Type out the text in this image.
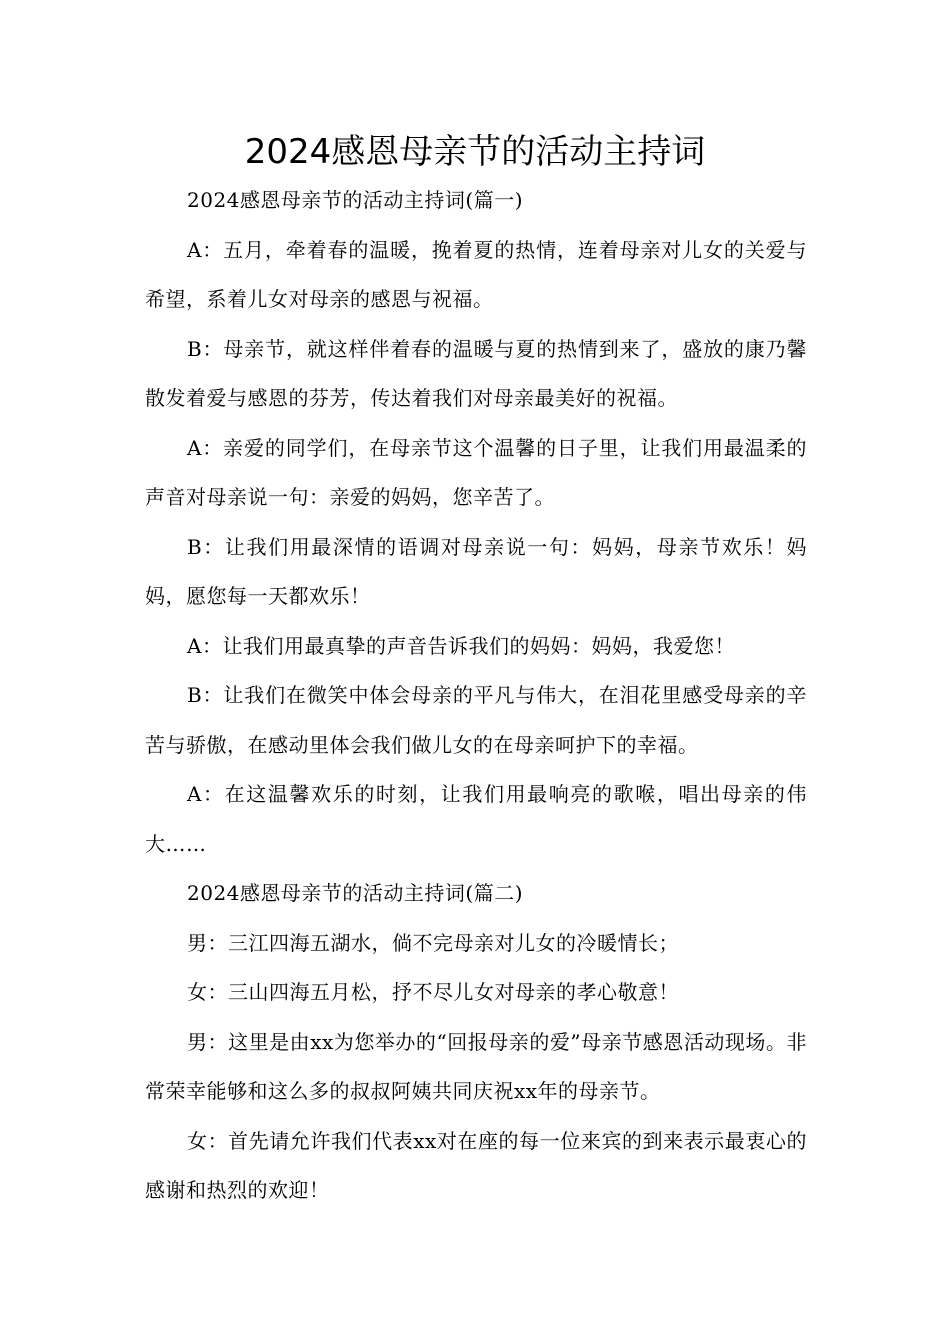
2024感恩母亲节的活动主持词

2024感恩母亲节的活动主持词(篇一)

A：五月，牵着春的温暖，挽着夏的热情，连着母亲对儿女的关爱与希望，系着儿女对母亲的感恩与祝福。

B：母亲节，就这样伴着春的温暖与夏的热情到来了，盛放的康乃馨散发着爱与感恩的芬芳，传达着我们对母亲最美好的祝福。

A：亲爱的同学们，在母亲节这个温馨的日子里，让我们用最温柔的声音对母亲说一句：亲爱的妈妈，您辛苦了。

B：让我们用最深情的语调对母亲说一句：妈妈，母亲节欢乐！妈妈，愿您每一天都欢乐！

A：让我们用最真挚的声音告诉我们的妈妈：妈妈，我爱您！

B：让我们在微笑中体会母亲的平凡与伟大，在泪花里感受母亲的辛苦与骄傲，在感动里体会我们做儿女的在母亲呵护下的幸福。

A：在这温馨欢乐的时刻，让我们用最响亮的歌喉，唱出母亲的伟大……

2024感恩母亲节的活动主持词(篇二)

男：三江四海五湖水，倘不完母亲对儿女的冷暖情长；

女：三山四海五月松，抒不尽儿女对母亲的孝心敬意！

男：这里是由xx为您举办的“回报母亲的爱”母亲节感恩活动现场。非常荣幸能够和这么多的叔叔阿姨共同庆祝xx年的母亲节。

女：首先请允许我们代表xx对在座的每一位来宾的到来表示最衷心的感谢和热烈的欢迎！
